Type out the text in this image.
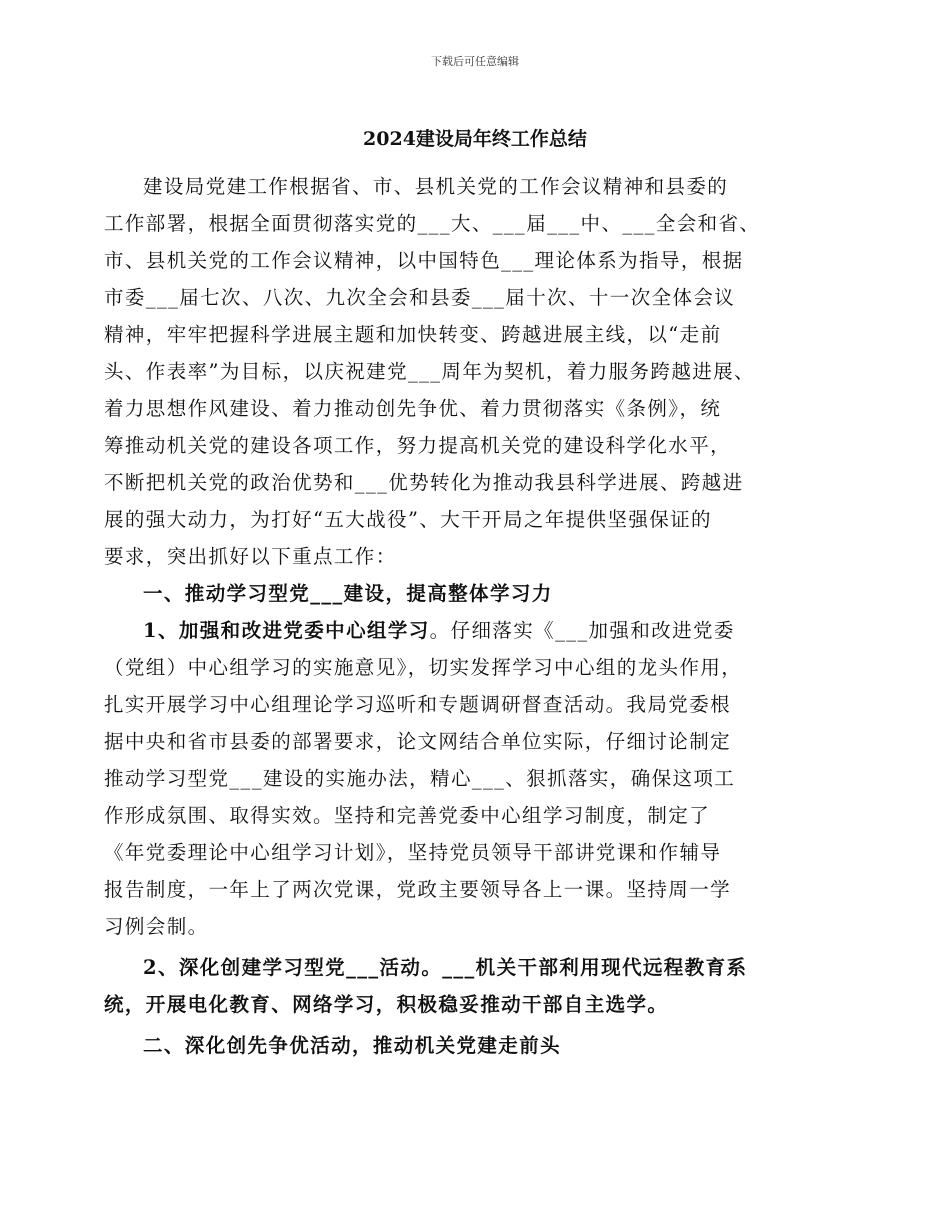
下载后可任意编辑
2024建设局年终工作总结

建设局党建工作根据省、市、县机关党的工作会议精神和县委的
工作部署，根据全面贯彻落实党的___大、___届___中、___全会和省、
市、县机关党的工作会议精神，以中国特色___理论体系为指导，根据
市委___届七次、八次、九次全会和县委___届十次、十一次全体会议
精神，牢牢把握科学进展主题和加快转变、跨越进展主线，以“走前
头、作表率”为目标，以庆祝建党___周年为契机，着力服务跨越进展、
着力思想作风建设、着力推动创先争优、着力贯彻落实《条例》，统
筹推动机关党的建设各项工作，努力提高机关党的建设科学化水平，
不断把机关党的政治优势和___优势转化为推动我县科学进展、跨越进
展的强大动力，为打好“五大战役”、大干开局之年提供坚强保证的
要求，突出抓好以下重点工作：

一、推动学习型党___建设，提高整体学习力

1、加强和改进党委中心组学习。仔细落实《___加强和改进党委
（党组）中心组学习的实施意见》，切实发挥学习中心组的龙头作用，
扎实开展学习中心组理论学习巡听和专题调研督查活动。我局党委根
据中央和省市县委的部署要求，论文网结合单位实际，仔细讨论制定
推动学习型党___建设的实施办法，精心___、狠抓落实，确保这项工
作形成氛围、取得实效。坚持和完善党委中心组学习制度，制定了
《年党委理论中心组学习计划》，坚持党员领导干部讲党课和作辅导
报告制度，一年上了两次党课，党政主要领导各上一课。坚持周一学
习例会制。

2、深化创建学习型党___活动。___机关干部利用现代远程教育系
统，开展电化教育、网络学习，积极稳妥推动干部自主选学。

二、深化创先争优活动，推动机关党建走前头
